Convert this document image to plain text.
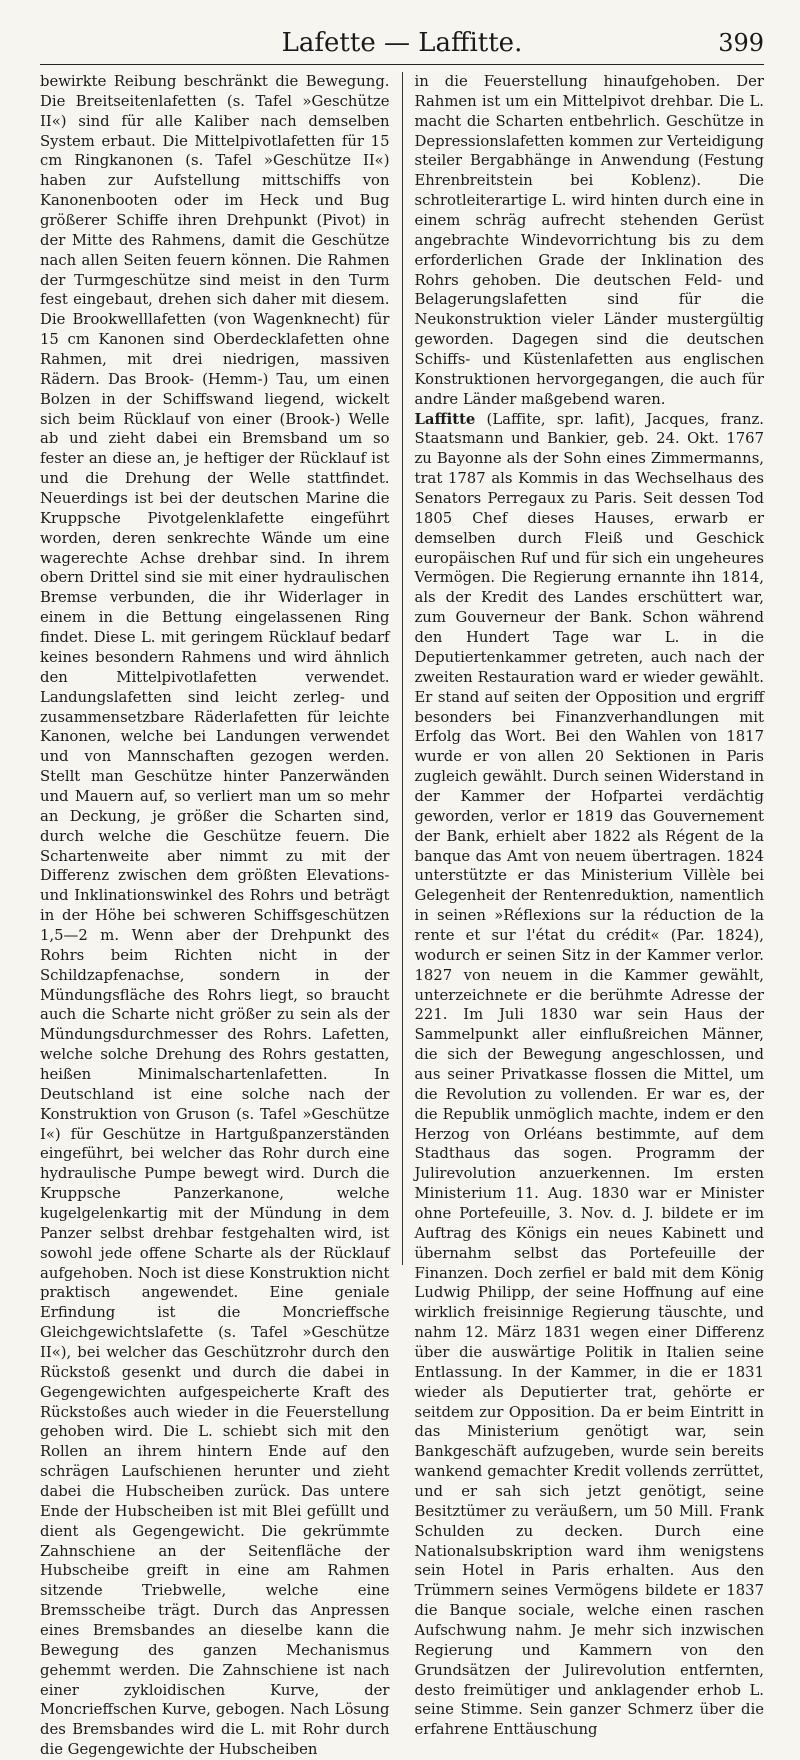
Lafette — Laffitte.	399

bewirkte Reibung beschränkt die Bewegung. Die Breitseitenlafetten (s. Tafel »Geschütze II«) sind für alle Kaliber nach demselben System erbaut. Die Mittelpivotlafetten für 15 cm Ringkanonen (s. Tafel »Geschütze II«) haben zur Aufstellung mittschiffs von Kanonenbooten oder im Heck und Bug größerer Schiffe ihren Drehpunkt (Pivot) in der Mitte des Rahmens, damit die Geschütze nach allen Seiten feuern können. Die Rahmen der Turmgeschütze sind meist in den Turm fest eingebaut, drehen sich daher mit diesem. Die Brookwelllafetten (von Wagenknecht) für 15 cm Kanonen sind Oberdecklafetten ohne Rahmen, mit drei niedrigen, massiven Rädern. Das Brook- (Hemm-) Tau, um einen Bolzen in der Schiffswand liegend, wickelt sich beim Rücklauf von einer (Brook-) Welle ab und zieht dabei ein Bremsband um so fester an diese an, je heftiger der Rücklauf ist und die Drehung der Welle stattfindet. Neuerdings ist bei der deutschen Marine die Kruppsche Pivotgelenklafette eingeführt worden, deren senkrechte Wände um eine wagerechte Achse drehbar sind. In ihrem obern Drittel sind sie mit einer hydraulischen Bremse verbunden, die ihr Widerlager in einem in die Bettung eingelassenen Ring findet. Diese L. mit geringem Rücklauf bedarf keines besondern Rahmens und wird ähnlich den Mittelpivotlafetten verwendet. Landungslafetten sind leicht zerleg- und zusammensetzbare Räderlafetten für leichte Kanonen, welche bei Landungen verwendet und von Mannschaften gezogen werden. Stellt man Geschütze hinter Panzerwänden und Mauern auf, so verliert man um so mehr an Deckung, je größer die Scharten sind, durch welche die Geschütze feuern. Die Schartenweite aber nimmt zu mit der Differenz zwischen dem größten Elevations- und Inklinationswinkel des Rohrs und beträgt in der Höhe bei schweren Schiffsgeschützen 1,5—2 m. Wenn aber der Drehpunkt des Rohrs beim Richten nicht in der Schildzapfenachse, sondern in der Mündungsfläche des Rohrs liegt, so braucht auch die Scharte nicht größer zu sein als der Mündungsdurchmesser des Rohrs. Lafetten, welche solche Drehung des Rohrs gestatten, heißen Minimalschartenlafetten. In Deutschland ist eine solche nach der Konstruktion von Gruson (s. Tafel »Geschütze I«) für Geschütze in Hartgußpanzerständen eingeführt, bei welcher das Rohr durch eine hydraulische Pumpe bewegt wird. Durch die Kruppsche Panzerkanone, welche kugelgelenkartig mit der Mündung in dem Panzer selbst drehbar festgehalten wird, ist sowohl jede offene Scharte als der Rücklauf aufgehoben. Noch ist diese Konstruktion nicht praktisch angewendet. Eine geniale Erfindung ist die Moncrieffsche Gleichgewichtslafette (s. Tafel »Geschütze II«), bei welcher das Geschützrohr durch den Rückstoß gesenkt und durch die dabei in Gegengewichten aufgespeicherte Kraft des Rückstoßes auch wieder in die Feuerstellung gehoben wird. Die L. schiebt sich mit den Rollen an ihrem hintern Ende auf den schrägen Laufschienen herunter und zieht dabei die Hubscheiben zurück. Das untere Ende der Hubscheiben ist mit Blei gefüllt und dient als Gegengewicht. Die gekrümmte Zahnschiene an der Seitenfläche der Hubscheibe greift in eine am Rahmen sitzende Triebwelle, welche eine Bremsscheibe trägt. Durch das Anpressen eines Bremsbandes an dieselbe kann die Bewegung des ganzen Mechanismus gehemmt werden. Die Zahnschiene ist nach einer zykloidischen Kurve, der Moncrieffschen Kurve, gebogen. Nach Lösung des Bremsbandes wird die L. mit Rohr durch die Gegengewichte der Hubscheiben

in die Feuerstellung hinaufgehoben. Der Rahmen ist um ein Mittelpivot drehbar. Die L. macht die Scharten entbehrlich. Geschütze in Depressionslafetten kommen zur Verteidigung steiler Bergabhänge in Anwendung (Festung Ehrenbreitstein bei Koblenz). Die schrotleiterartige L. wird hinten durch eine in einem schräg aufrecht stehenden Gerüst angebrachte Windevorrichtung bis zu dem erforderlichen Grade der Inklination des Rohrs gehoben. Die deutschen Feld- und Belagerungslafetten sind für die Neukonstruktion vieler Länder mustergültig geworden. Dagegen sind die deutschen Schiffs- und Küstenlafetten aus englischen Konstruktionen hervorgegangen, die auch für andre Länder maßgebend waren.

Laffitte (Laffite, spr. lafit), Jacques, franz. Staatsmann und Bankier, geb. 24. Okt. 1767 zu Bayonne als der Sohn eines Zimmermanns, trat 1787 als Kommis in das Wechselhaus des Senators Perregaux zu Paris. Seit dessen Tod 1805 Chef dieses Hauses, erwarb er demselben durch Fleiß und Geschick europäischen Ruf und für sich ein ungeheures Vermögen. Die Regierung ernannte ihn 1814, als der Kredit des Landes erschüttert war, zum Gouverneur der Bank. Schon während den Hundert Tage war L. in die Deputiertenkammer getreten, auch nach der zweiten Restauration ward er wieder gewählt. Er stand auf seiten der Opposition und ergriff besonders bei Finanzverhandlungen mit Erfolg das Wort. Bei den Wahlen von 1817 wurde er von allen 20 Sektionen in Paris zugleich gewählt. Durch seinen Widerstand in der Kammer der Hofpartei verdächtig geworden, verlor er 1819 das Gouvernement der Bank, erhielt aber 1822 als Régent de la banque das Amt von neuem übertragen. 1824 unterstützte er das Ministerium Villèle bei Gelegenheit der Rentenreduktion, namentlich in seinen »Réflexions sur la réduction de la rente et sur l'état du crédit« (Par. 1824), wodurch er seinen Sitz in der Kammer verlor. 1827 von neuem in die Kammer gewählt, unterzeichnete er die berühmte Adresse der 221. Im Juli 1830 war sein Haus der Sammelpunkt aller einflußreichen Männer, die sich der Bewegung angeschlossen, und aus seiner Privatkasse flossen die Mittel, um die Revolution zu vollenden. Er war es, der die Republik unmöglich machte, indem er den Herzog von Orléans bestimmte, auf dem Stadthaus das sogen. Programm der Julirevolution anzuerkennen. Im ersten Ministerium 11. Aug. 1830 war er Minister ohne Portefeuille, 3. Nov. d. J. bildete er im Auftrag des Königs ein neues Kabinett und übernahm selbst das Portefeuille der Finanzen. Doch zerfiel er bald mit dem König Ludwig Philipp, der seine Hoffnung auf eine wirklich freisinnige Regierung täuschte, und nahm 12. März 1831 wegen einer Differenz über die auswärtige Politik in Italien seine Entlassung. In der Kammer, in die er 1831 wieder als Deputierter trat, gehörte er seitdem zur Opposition. Da er beim Eintritt in das Ministerium genötigt war, sein Bankgeschäft aufzugeben, wurde sein bereits wankend gemachter Kredit vollends zerrüttet, und er sah sich jetzt genötigt, seine Besitztümer zu veräußern, um 50 Mill. Frank Schulden zu decken. Durch eine Nationalsubskription ward ihm wenigstens sein Hotel in Paris erhalten. Aus den Trümmern seines Vermögens bildete er 1837 die Banque sociale, welche einen raschen Aufschwung nahm. Je mehr sich inzwischen Regierung und Kammern von den Grundsätzen der Julirevolution entfernten, desto freimütiger und anklagender erhob L. seine Stimme. Sein ganzer Schmerz über die erfahrene Enttäuschung
